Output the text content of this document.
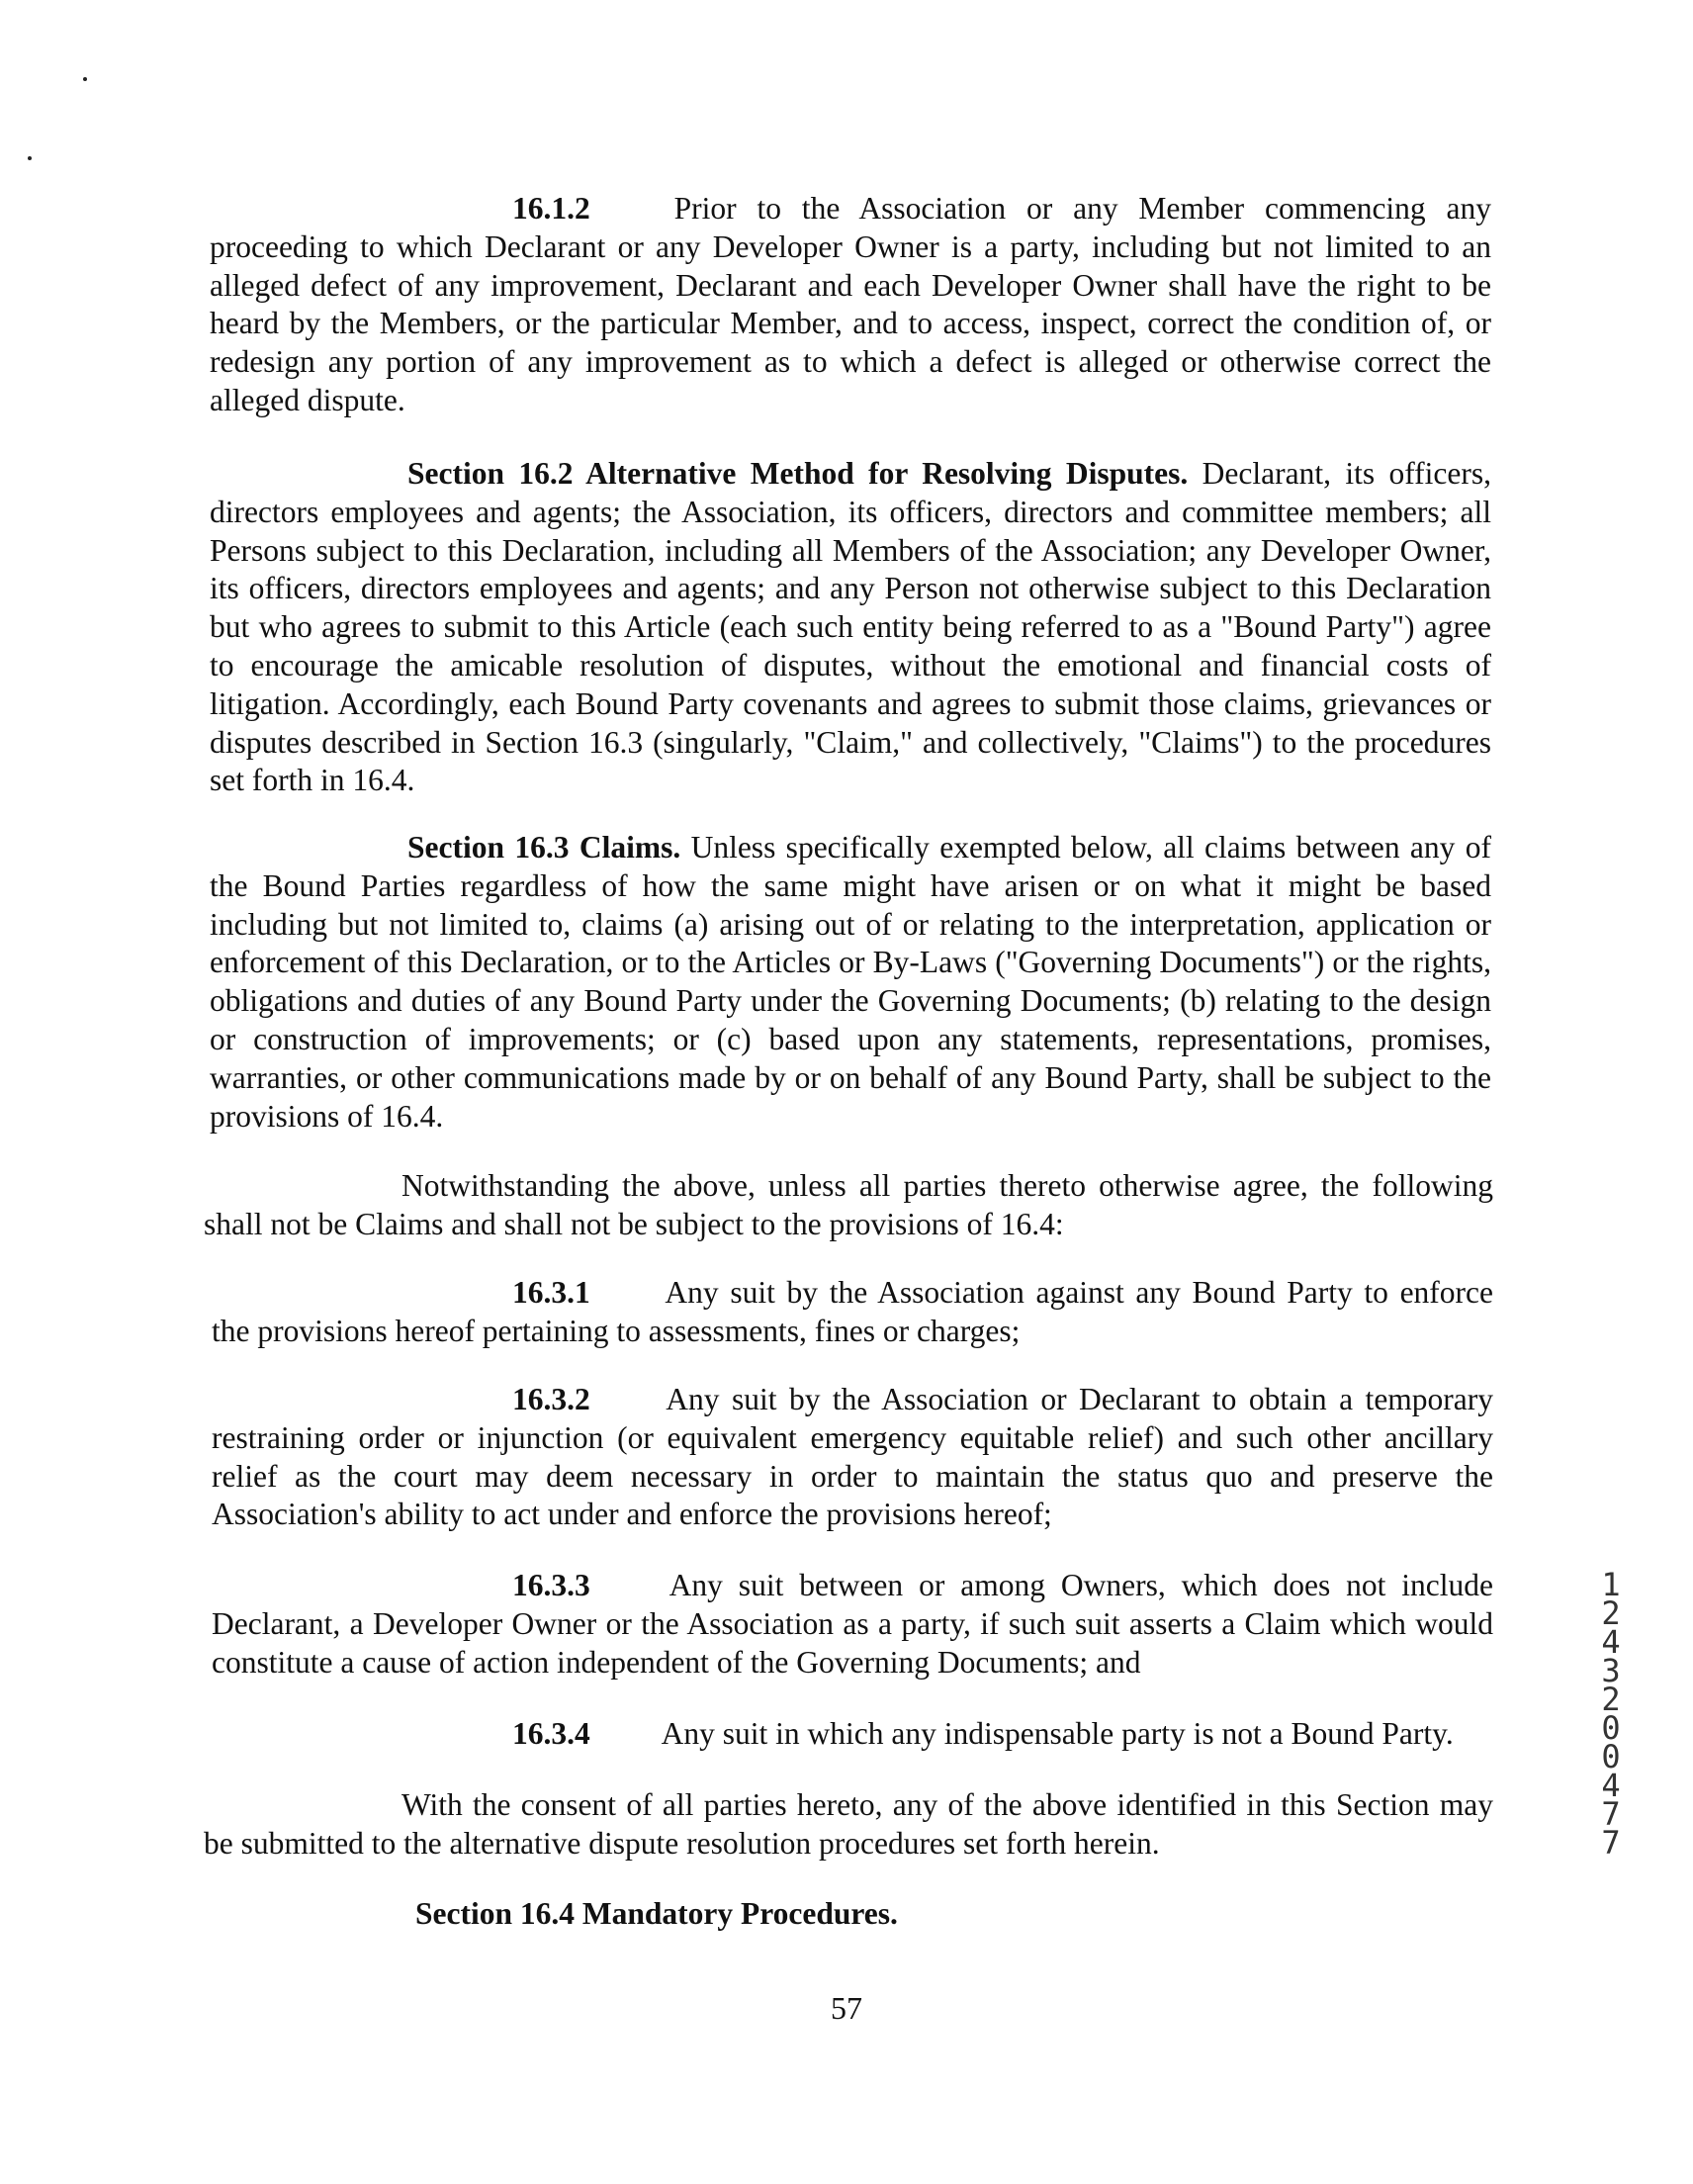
16.1.2	Prior to the Association or any Member commencing any proceeding to which Declarant or any Developer Owner is a party, including but not limited to an alleged defect of any improvement, Declarant and each Developer Owner shall have the right to be heard by the Members, or the particular Member, and to access, inspect, correct the condition of, or redesign any portion of any improvement as to which a defect is alleged or otherwise correct the alleged dispute.
Section 16.2 Alternative Method for Resolving Disputes. Declarant, its officers, directors employees and agents; the Association, its officers, directors and committee members; all Persons subject to this Declaration, including all Members of the Association; any Developer Owner, its officers, directors employees and agents; and any Person not otherwise subject to this Declaration but who agrees to submit to this Article (each such entity being referred to as a "Bound Party") agree to encourage the amicable resolution of disputes, without the emotional and financial costs of litigation. Accordingly, each Bound Party covenants and agrees to submit those claims, grievances or disputes described in Section 16.3 (singularly, "Claim," and collectively, "Claims") to the procedures set forth in 16.4.
Section 16.3 Claims. Unless specifically exempted below, all claims between any of the Bound Parties regardless of how the same might have arisen or on what it might be based including but not limited to, claims (a) arising out of or relating to the interpretation, application or enforcement of this Declaration, or to the Articles or By-Laws ("Governing Documents") or the rights, obligations and duties of any Bound Party under the Governing Documents; (b) relating to the design or construction of improvements; or (c) based upon any statements, representations, promises, warranties, or other communications made by or on behalf of any Bound Party, shall be subject to the provisions of 16.4.
Notwithstanding the above, unless all parties thereto otherwise agree, the following shall not be Claims and shall not be subject to the provisions of 16.4:
16.3.1 Any suit by the Association against any Bound Party to enforce the provisions hereof pertaining to assessments, fines or charges;
16.3.2 Any suit by the Association or Declarant to obtain a temporary restraining order or injunction (or equivalent emergency equitable relief) and such other ancillary relief as the court may deem necessary in order to maintain the status quo and preserve the Association's ability to act under and enforce the provisions hereof;
16.3.3	Any suit between or among Owners, which does not include Declarant, a Developer Owner or the Association as a party, if such suit asserts a Claim which would constitute a cause of action independent of the Governing Documents; and
16.3.4 Any suit in which any indispensable party is not a Bound Party.
With the consent of all parties hereto, any of the above identified in this Section may be submitted to the alternative dispute resolution procedures set forth herein.
Section 16.4 Mandatory Procedures.
57
12432 00477
